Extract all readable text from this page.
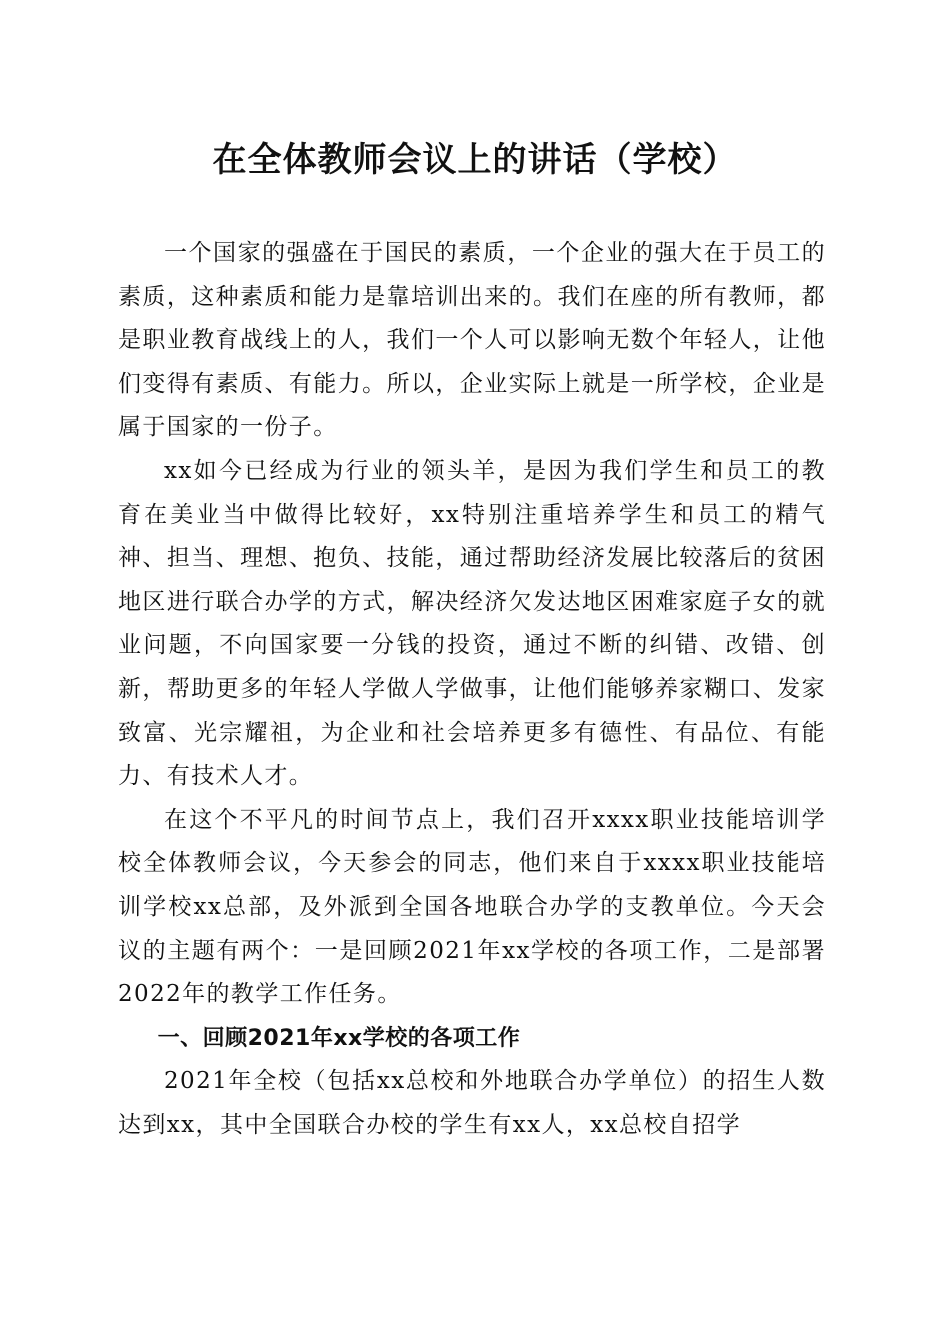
在全体教师会议上的讲话（学校）

一个国家的强盛在于国民的素质，一个企业的强大在于员工的素质，这种素质和能力是靠培训出来的。我们在座的所有教师，都是职业教育战线上的人，我们一个人可以影响无数个年轻人，让他们变得有素质、有能力。所以，企业实际上就是一所学校，企业是属于国家的一份子。

xx如今已经成为行业的领头羊，是因为我们学生和员工的教育在美业当中做得比较好，xx特别注重培养学生和员工的精气神、担当、理想、抱负、技能，通过帮助经济发展比较落后的贫困地区进行联合办学的方式，解决经济欠发达地区困难家庭子女的就业问题，不向国家要一分钱的投资，通过不断的纠错、改错、创新，帮助更多的年轻人学做人学做事，让他们能够养家糊口、发家致富、光宗耀祖，为企业和社会培养更多有德性、有品位、有能力、有技术人才。

在这个不平凡的时间节点上，我们召开xxxx职业技能培训学校全体教师会议，今天参会的同志，他们来自于xxxx职业技能培训学校xx总部，及外派到全国各地联合办学的支教单位。今天会议的主题有两个：一是回顾2021年xx学校的各项工作，二是部署2022年的教学工作任务。

一、回顾2021年xx学校的各项工作

2021年全校（包括xx总校和外地联合办学单位）的招生人数达到xx，其中全国联合办校的学生有xx人，xx总校自招学
